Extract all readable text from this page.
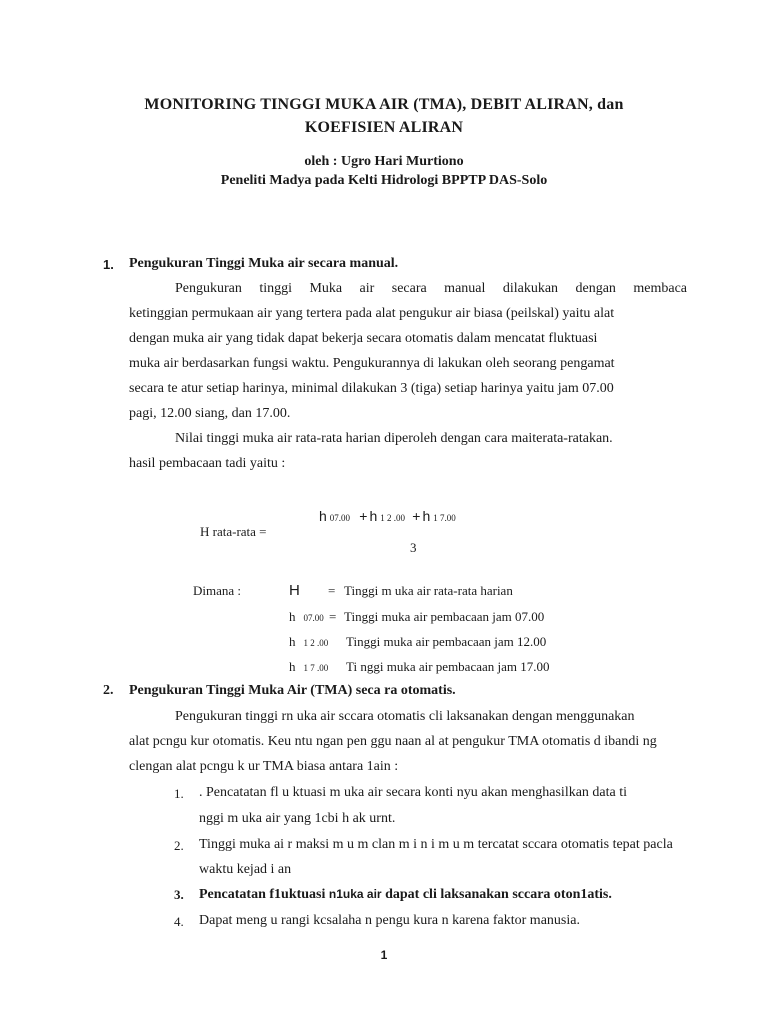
MONITORING TINGGI MUKA AIR (TMA), DEBIT ALIRAN, dan
KOEFISIEN ALIRAN
oleh : Ugro Hari Murtiono
Peneliti Madya pada Kelti Hidrologi BPPTP DAS-Solo
1. Pengukuran Tinggi Muka air secara manual.
Pengukuran tinggi Muka air secara manual dilakukan dengan membaca
ketinggian permukaan air yang tertera pada alat pengukur air biasa (peilskal) yaitu alat
dengan muka air yang tidak dapat bekerja secara otomatis dalam mencatat fluktuasi
muka air berdasarkan fungsi waktu. Pengukurannya di lakukan oleh seorang pengamat
secara te atur setiap harinya, minimal dilakukan 3 (tiga) setiap harinya yaitu jam 07.00
pagi, 12.00 siang, dan 17.00.
Nilai tinggi muka air rata-rata harian diperoleh dengan cara maiterata-ratakan.
hasil pembacaan tadi yaitu :
h 07.00 + h 1 2 .00 + h 1 7.00
H rata-rata =
3
Dimana :	H = Tinggi m uka air rata-rata harian
h 07.00 = Tinggi muka air pembacaan jam 07.00
h 1 2 .00 Tinggi muka air pembacaan jam 12.00
h 1 7 .00 Ti nggi muka air pembacaan jam 17.00
2. Pengukuran Tinggi Muka Air (TMA) seca ra otomatis.
Pengukuran tinggi rn uka air sccara otomatis cli laksanakan dengan menggunakan
alat pcngu kur otomatis. Keu ntu ngan pen ggu naan al at pengukur TMA otomatis d ibandi ng
clengan alat pcngu k ur TMA biasa antara 1ain :
1. . Pencatatan fl u ktuasi m uka air secara konti nyu akan menghasilkan data ti
nggi m uka air yang 1cbi h ak urnt.
2. Tinggi muka ai r maksi m u m clan m i n i m u m tercatat sccara otomatis tepat pacla
waktu kejad i an
3. Pencatatan f1uktuasi n1uka air dapat cli laksanakan sccara oton1atis.
4. Dapat meng u rangi kcsalaha n pengu kura n karena faktor manusia.
1
